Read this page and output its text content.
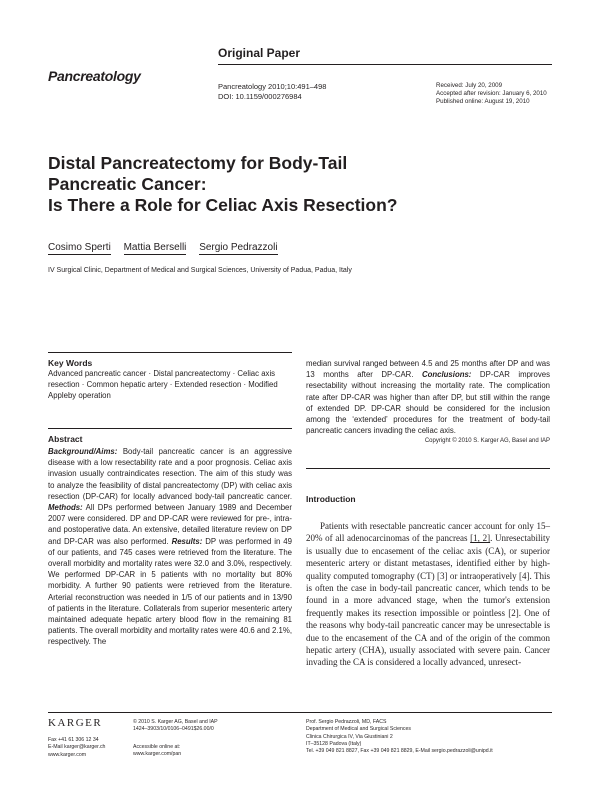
Original Paper
Pancreatology
Pancreatology 2010;10:491–498
DOI: 10.1159/000276984
Received: July 20, 2009
Accepted after revision: January 6, 2010
Published online: August 19, 2010
Distal Pancreatectomy for Body-Tail
Pancreatic Cancer:
Is There a Role for Celiac Axis Resection?
Cosimo Sperti Mattia Berselli Sergio Pedrazzoli
IV Surgical Clinic, Department of Medical and Surgical Sciences, University of Padua, Padua, Italy
Key Words
Advanced pancreatic cancer · Distal pancreatectomy · Celiac axis resection · Common hepatic artery · Extended resection · Modified Appleby operation
Abstract
Background/Aims: Body-tail pancreatic cancer is an aggressive disease with a low resectability rate and a poor prognosis. Celiac axis invasion usually contraindicates resection. The aim of this study was to analyze the feasibility of distal pancreatectomy (DP) with celiac axis resection (DP-CAR) for locally advanced body-tail pancreatic cancer. Methods: All DPs performed between January 1989 and December 2007 were considered. DP and DP-CAR were reviewed for pre-, intra- and postoperative data. An extensive, detailed literature review on DP and DP-CAR was also performed. Results: DP was performed in 49 of our patients, and 745 cases were retrieved from the literature. The overall morbidity and mortality rates were 32.0 and 3.0%, respectively. We performed DP-CAR in 5 patients with no mortality but 80% morbidity. A further 90 patients were retrieved from the literature. Arterial reconstruction was needed in 1/5 of our patients and in 13/90 of patients in the literature. Collaterals from superior mesenteric artery maintained adequate hepatic artery blood flow in the remaining 81 patients. The overall morbidity and mortality rates were 40.6 and 2.1%, respectively. The
median survival ranged between 4.5 and 25 months after DP and was 13 months after DP-CAR. Conclusions: DP-CAR improves resectability without increasing the mortality rate. The complication rate after DP-CAR was higher than after DP, but still within the range of extended DP. DP-CAR should be considered for the inclusion among the ‘extended’ procedures for the treatment of body-tail pancreatic cancers invading the celiac axis.
Copyright © 2010 S. Karger AG, Basel and IAP
Introduction
Patients with resectable pancreatic cancer account for only 15–20% of all adenocarcinomas of the pancreas [1, 2]. Unresectability is usually due to encasement of the celiac axis (CA), or superior mesenteric artery or distant metastases, identified either by high-quality computed tomography (CT) [3] or intraoperatively [4]. This is often the case in body-tail pancreatic cancer, which tends to be found in a more advanced stage, when the tumor's extension frequently makes its resection impossible or pointless [2]. One of the reasons why body-tail pancreatic cancer may be unresectable is due to the encasement of the CA and of the origin of the common hepatic artery (CHA), usually associated with severe pain. Cancer invading the CA is considered a locally advanced, unresect-
KARGER
Fax +41 61 306 12 34
E-Mail karger@karger.ch
www.karger.com
© 2010 S. Karger AG, Basel and IAP
1424–3903/10/0106–0491$26.00/0
Accessible online at:
www.karger.com/pan
Prof. Sergio Pedrazzoli, MD, FACS
Department of Medical and Surgical Sciences
Clinica Chirurgica IV, Via Giustiniani 2
IT–35128 Padova (Italy)
Tel. +39 049 821 8827, Fax +39 049 821 8829, E-Mail sergio.pedrazzoli@unipd.it
